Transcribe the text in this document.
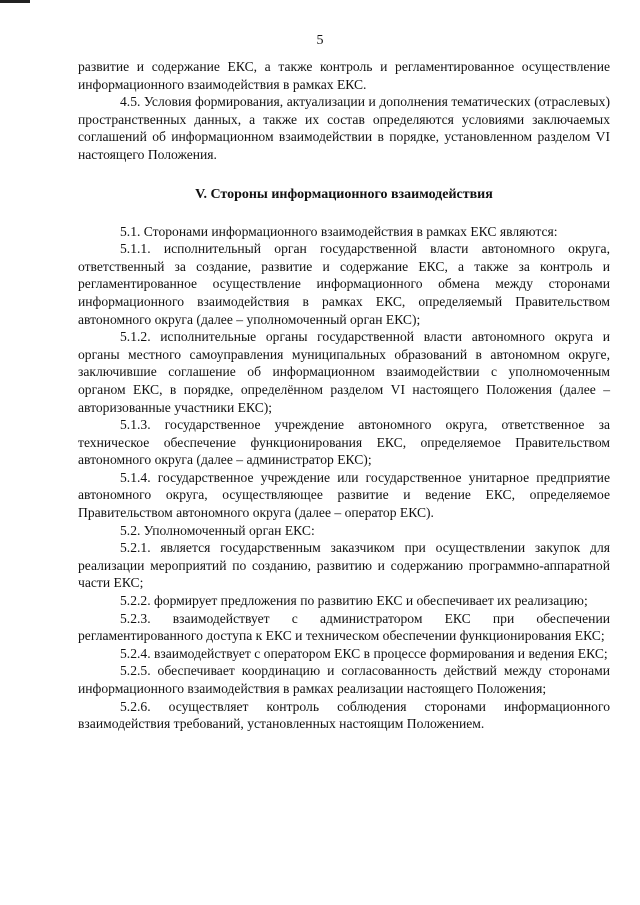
5

развитие и содержание ЕКС, а также контроль и регламентированное осуществление информационного взаимодействия в рамках ЕКС.

4.5. Условия формирования, актуализации и дополнения тематических (отраслевых) пространственных данных, а также их состав определяются условиями заключаемых соглашений об информационном взаимодействии в порядке, установленном разделом VI настоящего Положения.

V. Стороны информационного взаимодействия

5.1. Сторонами информационного взаимодействия в рамках ЕКС являются:

5.1.1. исполнительный орган государственной власти автономного округа, ответственный за создание, развитие и содержание ЕКС, а также за контроль и регламентированное осуществление информационного обмена между сторонами информационного взаимодействия в рамках ЕКС, определяемый Правительством автономного округа (далее – уполномоченный орган ЕКС);

5.1.2. исполнительные органы государственной власти автономного округа и органы местного самоуправления муниципальных образований в автономном округе, заключившие соглашение об информационном взаимодействии с уполномоченным органом ЕКС, в порядке, определённом разделом VI настоящего Положения (далее – авторизованные участники ЕКС);

5.1.3. государственное учреждение автономного округа, ответственное за техническое обеспечение функционирования ЕКС, определяемое Правительством автономного округа (далее – администратор ЕКС);

5.1.4. государственное учреждение или государственное унитарное предприятие автономного округа, осуществляющее развитие и ведение ЕКС, определяемое Правительством автономного округа (далее – оператор ЕКС).

5.2. Уполномоченный орган ЕКС:

5.2.1. является государственным заказчиком при осуществлении закупок для реализации мероприятий по созданию, развитию и содержанию программно-аппаратной части ЕКС;

5.2.2. формирует предложения по развитию ЕКС и обеспечивает их реализацию;

5.2.3. взаимодействует с администратором ЕКС при обеспечении регламентированного доступа к ЕКС и техническом обеспечении функционирования ЕКС;

5.2.4. взаимодействует с оператором ЕКС в процессе формирования и ведения ЕКС;

5.2.5. обеспечивает координацию и согласованность действий между сторонами информационного взаимодействия в рамках реализации настоящего Положения;

5.2.6. осуществляет контроль соблюдения сторонами информационного взаимодействия требований, установленных настоящим Положением.
